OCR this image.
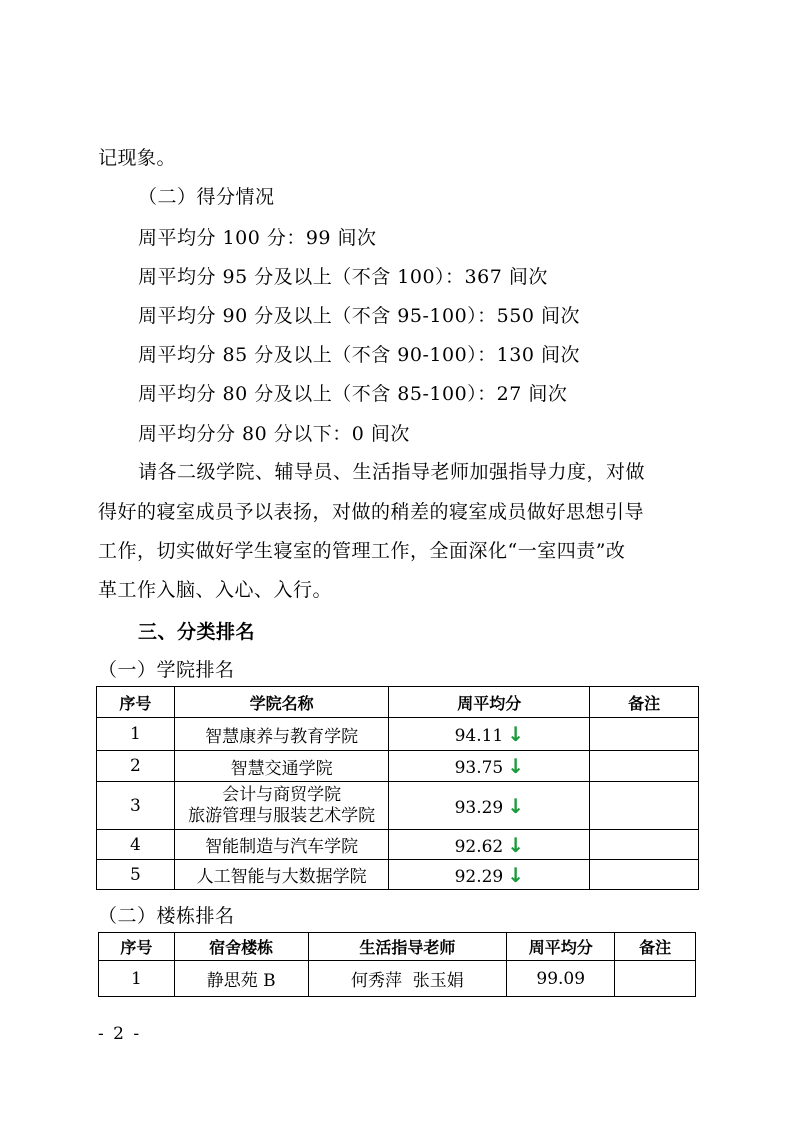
记现象。
（二）得分情况
周平均分 100 分：99 间次
周平均分 95 分及以上（不含 100）：367 间次
周平均分 90 分及以上（不含 95-100）：550 间次
周平均分 85 分及以上（不含 90-100）：130 间次
周平均分 80 分及以上（不含 85-100）：27 间次
周平均分分 80 分以下：0 间次
请各二级学院、辅导员、生活指导老师加强指导力度，对做
得好的寝室成员予以表扬，对做的稍差的寝室成员做好思想引导
工作，切实做好学生寝室的管理工作，全面深化“一室四责”改
革工作入脑、入心、入行。
三、分类排名
（一）学院排名
序号	学院名称	周平均分	备注
1	智慧康养与教育学院	94.11 ↓	
2	智慧交通学院	93.75 ↓	
3	会计与商贸学院
旅游管理与服装艺术学院	93.29 ↓	
4	智能制造与汽车学院	92.62 ↓	
5	人工智能与大数据学院	92.29 ↓	
（二）楼栋排名
序号	宿舍楼栋	生活指导老师	周平均分	备注
1	静思苑 B	何秀萍  张玉娟	99.09	
- 2 -
